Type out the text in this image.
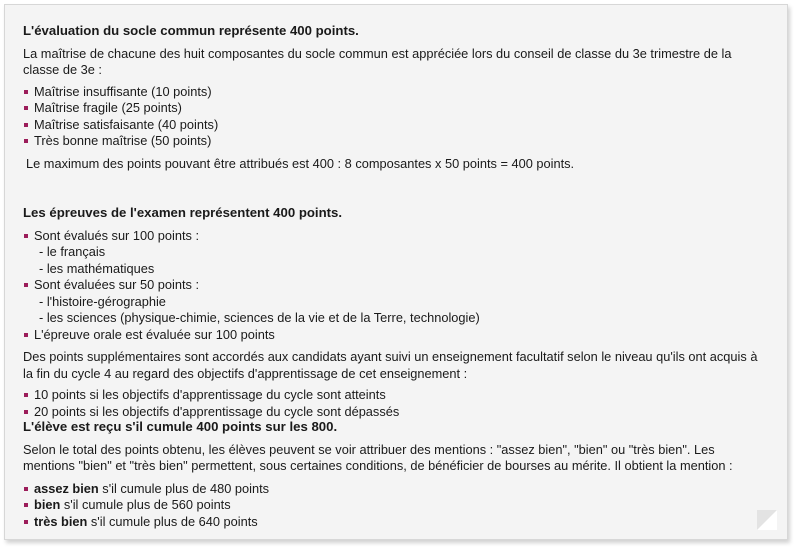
L'évaluation du socle commun représente 400 points.

La maîtrise de chacune des huit composantes du socle commun est appréciée lors du conseil de classe du 3e trimestre de la classe de 3e :

Maîtrise insuffisante (10 points)
Maîtrise fragile (25 points)
Maîtrise satisfaisante (40 points)
Très bonne maîtrise (50 points)

Le maximum des points pouvant être attribués est 400 : 8 composantes x 50 points = 400 points.

Les épreuves de l'examen représentent 400 points.
Sont évalués sur 100 points :
- le français
- les mathématiques
Sont évaluées sur 50 points :
- l'histoire-gérographie
- les sciences (physique-chimie, sciences de la vie et de la Terre, technologie)
L'épreuve orale est évaluée sur 100 points

Des points supplémentaires sont accordés aux candidats ayant suivi un enseignement facultatif selon le niveau qu'ils ont acquis à la fin du cycle 4 au regard des objectifs d'apprentissage de cet enseignement :

10 points si les objectifs d'apprentissage du cycle sont atteints
20 points si les objectifs d'apprentissage du cycle sont dépassés
L'élève est reçu s'il cumule 400 points sur les 800.

Selon le total des points obtenu, les élèves peuvent se voir attribuer des mentions : "assez bien", "bien" ou "très bien". Les mentions "bien" et "très bien" permettent, sous certaines conditions, de bénéficier de bourses au mérite. Il obtient la mention :

assez bien s'il cumule plus de 480 points
bien s'il cumule plus de 560 points
très bien s'il cumule plus de 640 points
